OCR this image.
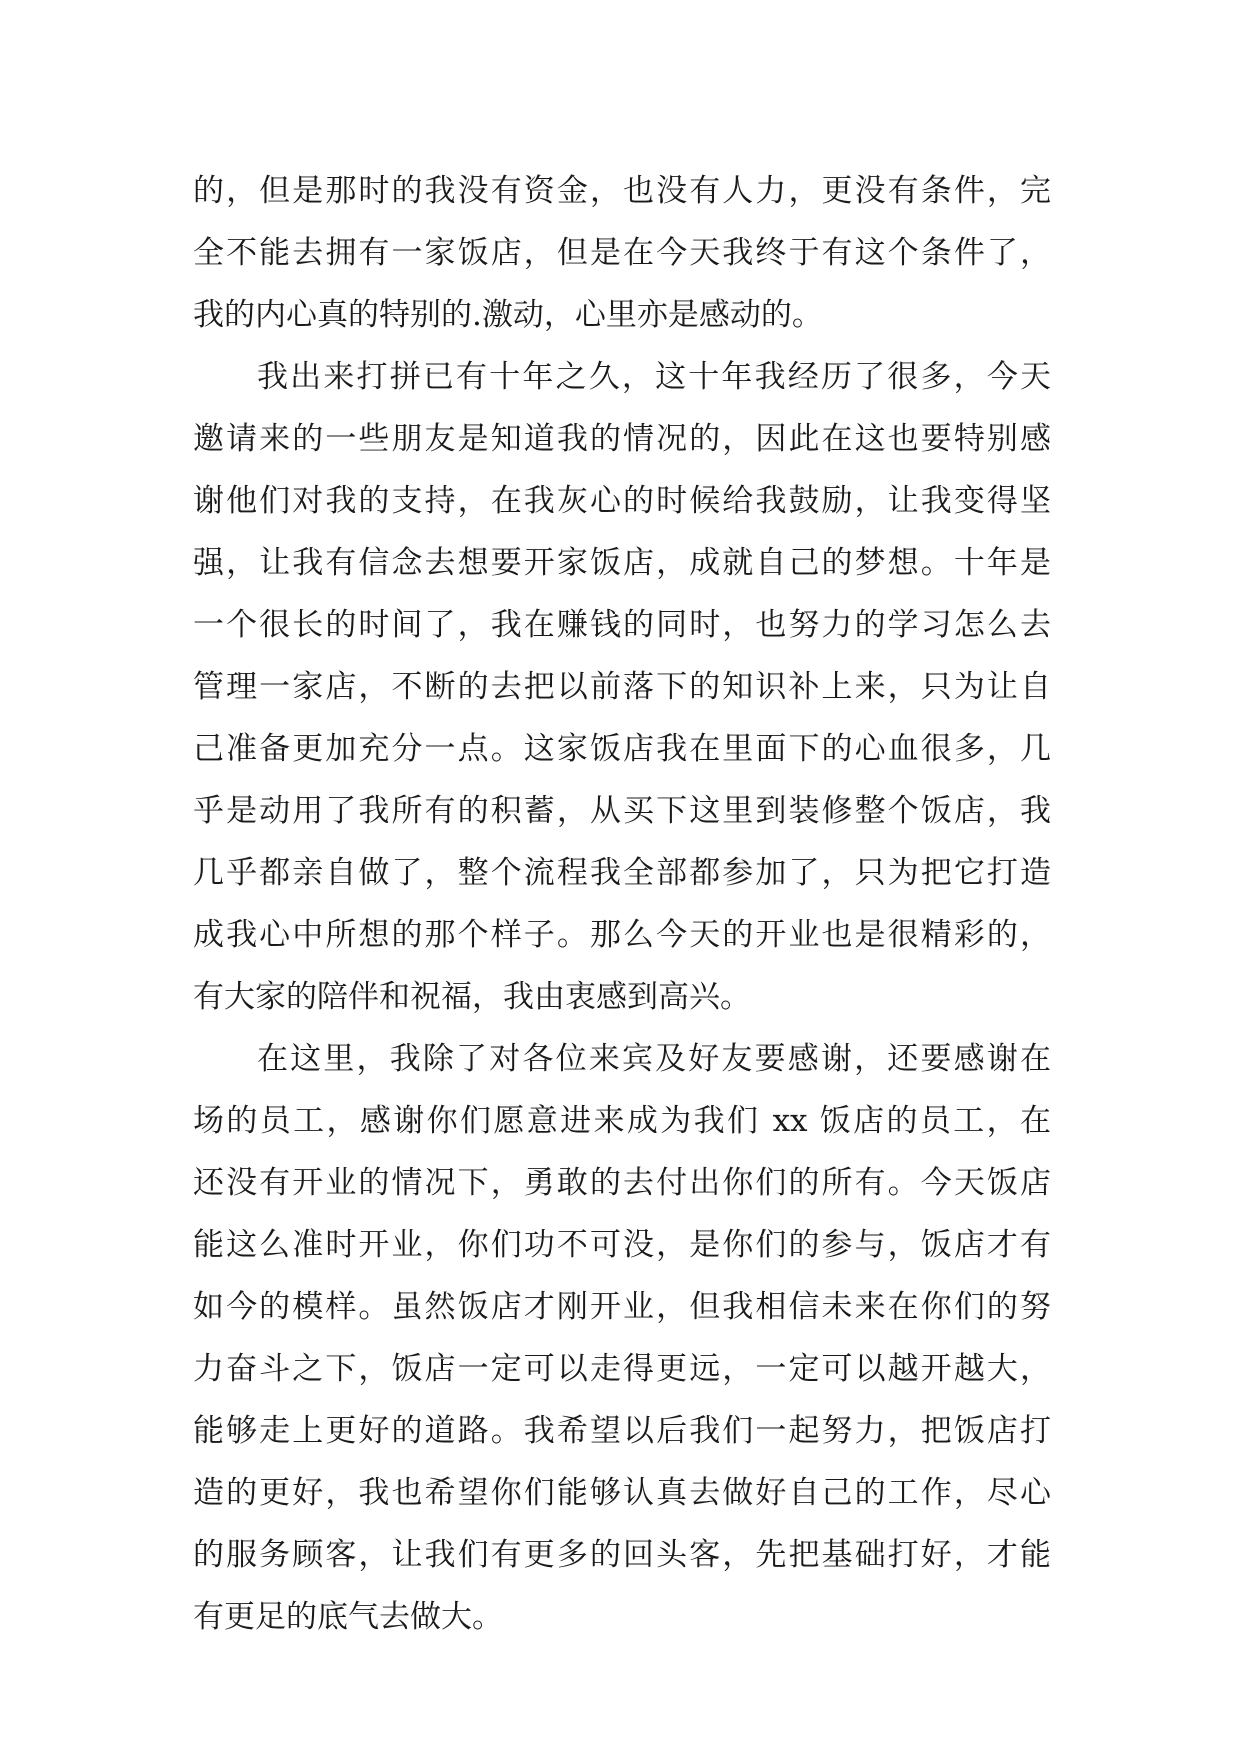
的，但是那时的我没有资金，也没有人力，更没有条件，完
全不能去拥有一家饭店，但是在今天我终于有这个条件了，
我的内心真的特别的.激动，心里亦是感动的。
我出来打拼已有十年之久，这十年我经历了很多，今天
邀请来的一些朋友是知道我的情况的，因此在这也要特别感
谢他们对我的支持，在我灰心的时候给我鼓励，让我变得坚
强，让我有信念去想要开家饭店，成就自己的梦想。十年是
一个很长的时间了，我在赚钱的同时，也努力的学习怎么去
管理一家店，不断的去把以前落下的知识补上来，只为让自
己准备更加充分一点。这家饭店我在里面下的心血很多，几
乎是动用了我所有的积蓄，从买下这里到装修整个饭店，我
几乎都亲自做了，整个流程我全部都参加了，只为把它打造
成我心中所想的那个样子。那么今天的开业也是很精彩的，
有大家的陪伴和祝福，我由衷感到高兴。
在这里，我除了对各位来宾及好友要感谢，还要感谢在
场的员工，感谢你们愿意进来成为我们 xx 饭店的员工，在
还没有开业的情况下，勇敢的去付出你们的所有。今天饭店
能这么准时开业，你们功不可没，是你们的参与，饭店才有
如今的模样。虽然饭店才刚开业，但我相信未来在你们的努
力奋斗之下，饭店一定可以走得更远，一定可以越开越大，
能够走上更好的道路。我希望以后我们一起努力，把饭店打
造的更好，我也希望你们能够认真去做好自己的工作，尽心
的服务顾客，让我们有更多的回头客，先把基础打好，才能
有更足的底气去做大。
